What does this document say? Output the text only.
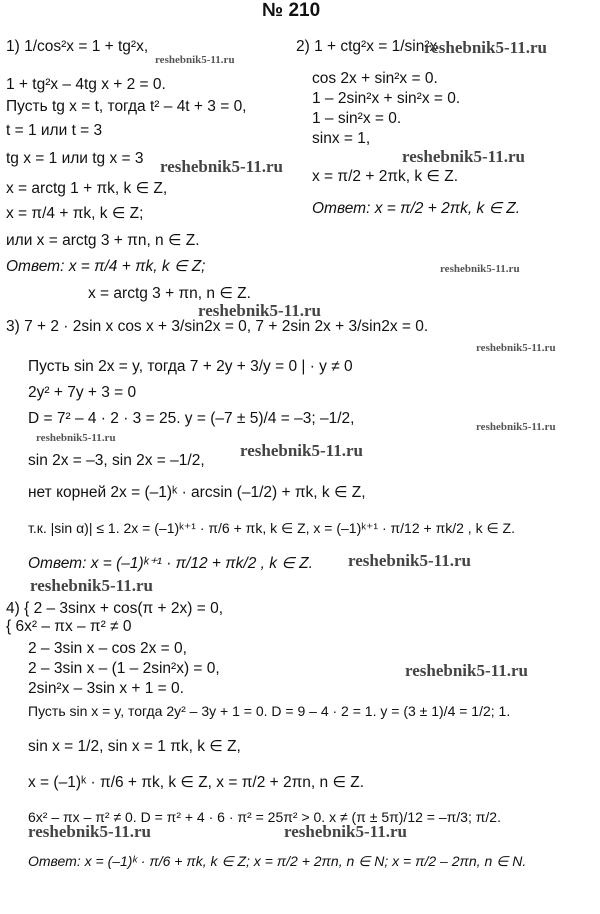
№ 210
1) 1/cos²x = 1 + tg²x,
1 + tg²x – 4tg x + 2 = 0.
Пусть tg x = t, тогда t² – 4t + 3 = 0,
t = 1 или t = 3
tg x = 1 или tg x = 3
x = arctg 1 + πk, k ∈ Z,
x = π/4 + πk, k ∈ Z;
или x = arctg 3 + πn, n ∈ Z.
Ответ: x = π/4 + πk, k ∈ Z;
x = arctg 3 + πn, n ∈ Z.
2) 1 + ctg²x = 1/sin²x
cos 2x + sin²x = 0.
1 – 2sin²x + sin²x = 0.
1 – sin²x = 0.
sinx = 1,
x = π/2 + 2πk, k ∈ Z.
Ответ: x = π/2 + 2πk, k ∈ Z.
3) 7 + 2 · 2sin x cos x + 3/sin2x = 0, 7 + 2sin 2x + 3/sin2x = 0.
Пусть sin 2x = y, тогда 7 + 2y + 3/y = 0 | · y ≠ 0
2y² + 7y + 3 = 0
D = 7² – 4 · 2 · 3 = 25. y = (–7 ± 5)/4 = –3; –1/2,
sin 2x = –3, sin 2x = –1/2,
нет корней 2x = (–1)ᵏ · arcsin (–1/2) + πk, k ∈ Z,
т.к. |sin α)| ≤ 1. 2x = (–1)ᵏ⁺¹ · π/6 + πk, k ∈ Z, x = (–1)ᵏ⁺¹ · π/12 + πk/2 , k ∈ Z.
Ответ: x = (–1)ᵏ⁺¹ · π/12 + πk/2 , k ∈ Z.
4) { 2 – 3sinx + cos(π + 2x) = 0,
{ 6x² – πx – π² ≠ 0
2 – 3sin x – cos 2x = 0,
2 – 3sin x – (1 – 2sin²x) = 0,
2sin²x – 3sin x + 1 = 0.
Пусть sin x = y, тогда 2y² – 3y + 1 = 0. D = 9 – 4 · 2 = 1. y = (3 ± 1)/4 = 1/2; 1.
sin x = 1/2, sin x = 1 πk, k ∈ Z,
x = (–1)ᵏ · π/6 + πk, k ∈ Z, x = π/2 + 2πn, n ∈ Z.
6x² – πx – π² ≠ 0. D = π² + 4 · 6 · π² = 25π² > 0. x ≠ (π ± 5π)/12 = –π/3; π/2.
Ответ: x = (–1)ᵏ · π/6 + πk, k ∈ Z; x = π/2 + 2πn, n ∈ N; x = π/2 – 2πn, n ∈ N.
reshebnik5-11.ru
reshebnik5-11.ru
reshebnik5-11.ru
reshebnik5-11.ru
reshebnik5-11.ru
reshebnik5-11.ru
reshebnik5-11.ru
reshebnik5-11.ru
reshebnik5-11.ru
reshebnik5-11.ru
reshebnik5-11.ru
reshebnik5-11.ru
reshebnik5-11.ru
reshebnik5-11.ru	reshebnik5-11.ru
